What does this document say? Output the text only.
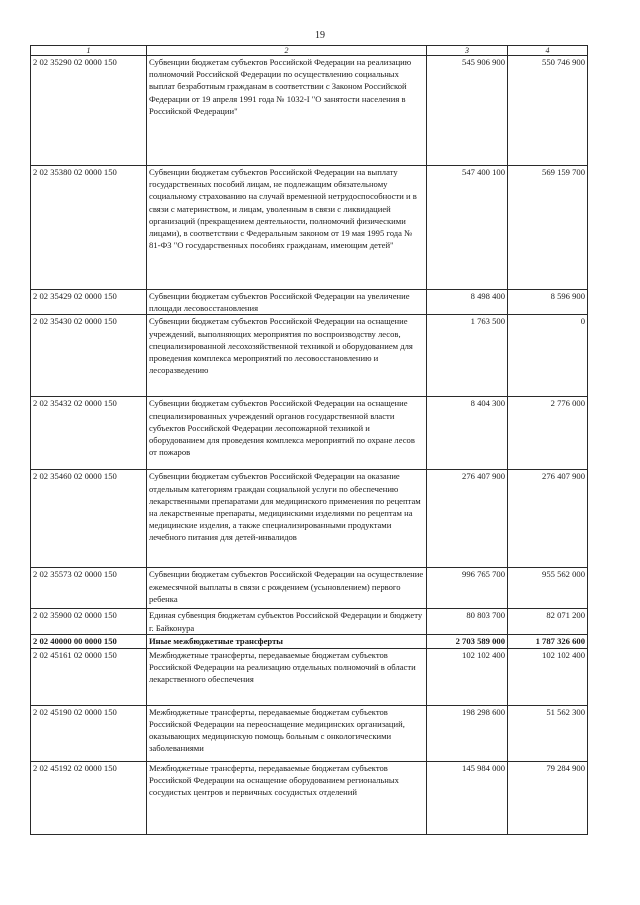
19
1	2	3	4
2 02 35290 02 0000 150	Субвенции бюджетам субъектов Российской Федерации на реализацию полномочий Российской Федерации по осуществлению социальных выплат безработным гражданам в соответствии с Законом Российской Федерации от 19 апреля 1991 года № 1032-I "О занятости населения в Российской Федерации"	545 906 900	550 746 900
2 02 35380 02 0000 150	Субвенции бюджетам субъектов Российской Федерации на выплату государственных пособий лицам, не подлежащим обязательному социальному страхованию на случай временной нетрудоспособности и в связи с материнством, и лицам, уволенным в связи с ликвидацией организаций (прекращением деятельности, полномочий физическими лицами), в соответствии с Федеральным законом от 19 мая 1995 года № 81-ФЗ "О государственных пособиях гражданам, имеющим детей"	547 400 100	569 159 700
2 02 35429 02 0000 150	Субвенции бюджетам субъектов Российской Федерации на увеличение площади лесовосстановления	8 498 400	8 596 900
2 02 35430 02 0000 150	Субвенции бюджетам субъектов Российской Федерации на оснащение учреждений, выполняющих мероприятия по воспроизводству лесов, специализированной лесохозяйственной техникой и оборудованием для проведения комплекса мероприятий по лесовосстановлению и лесоразведению	1 763 500	0
2 02 35432 02 0000 150	Субвенции бюджетам субъектов Российской Федерации на оснащение специализированных учреждений органов государственной власти субъектов Российской Федерации лесопожарной техникой и оборудованием для проведения комплекса мероприятий по охране лесов от пожаров	8 404 300	2 776 000
2 02 35460 02 0000 150	Субвенции бюджетам субъектов Российской Федерации на оказание отдельным категориям граждан социальной услуги по обеспечению лекарственными препаратами для медицинского применения по рецептам на лекарственные препараты, медицинскими изделиями по рецептам на медицинские изделия, а также специализированными продуктами лечебного питания для детей-инвалидов	276 407 900	276 407 900
2 02 35573 02 0000 150	Субвенции бюджетам субъектов Российской Федерации на осуществление ежемесячной выплаты в связи с рождением (усыновлением) первого ребенка	996 765 700	955 562 000
2 02 35900 02 0000 150	Единая субвенция бюджетам субъектов Российской Федерации и бюджету г. Байконура	80 803 700	82 071 200
2 02 40000 00 0000 150	Иные межбюджетные трансферты	2 703 589 000	1 787 326 600
2 02 45161 02 0000 150	Межбюджетные трансферты, передаваемые бюджетам субъектов Российской Федерации на реализацию отдельных полномочий в области лекарственного обеспечения	102 102 400	102 102 400
2 02 45190 02 0000 150	Межбюджетные трансферты, передаваемые бюджетам субъектов Российской Федерации на переоснащение медицинских организаций, оказывающих медицинскую помощь больным с онкологическими заболеваниями	198 298 600	51 562 300
2 02 45192 02 0000 150	Межбюджетные трансферты, передаваемые бюджетам субъектов Российской Федерации на оснащение оборудованием региональных сосудистых центров и первичных сосудистых отделений	145 984 000	79 284 900
